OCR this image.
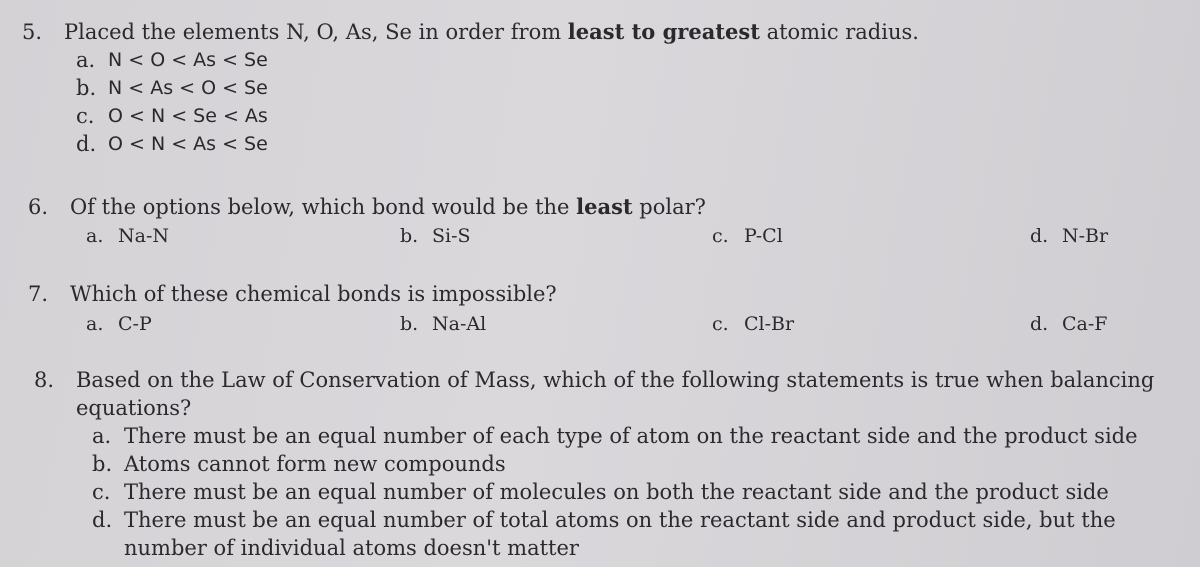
5.	Placed the elements N, O, As, Se in order from least to greatest atomic radius.
a. N < O < As < Se
b. N < As < O < Se
c. O < N < Se < As
d. O < N < As < Se
6.	Of the options below, which bond would be the least polar?
a. Na-N	b. Si-S	c. P-Cl	d. N-Br
7.	Which of these chemical bonds is impossible?
a. C-P	b. Na-Al	c. Cl-Br	d. Ca-F
8.	Based on the Law of Conservation of Mass, which of the following statements is true when balancing equations?
a. There must be an equal number of each type of atom on the reactant side and the product side
b. Atoms cannot form new compounds
c. There must be an equal number of molecules on both the reactant side and the product side
d. There must be an equal number of total atoms on the reactant side and product side, but the number of individual atoms doesn't matter
